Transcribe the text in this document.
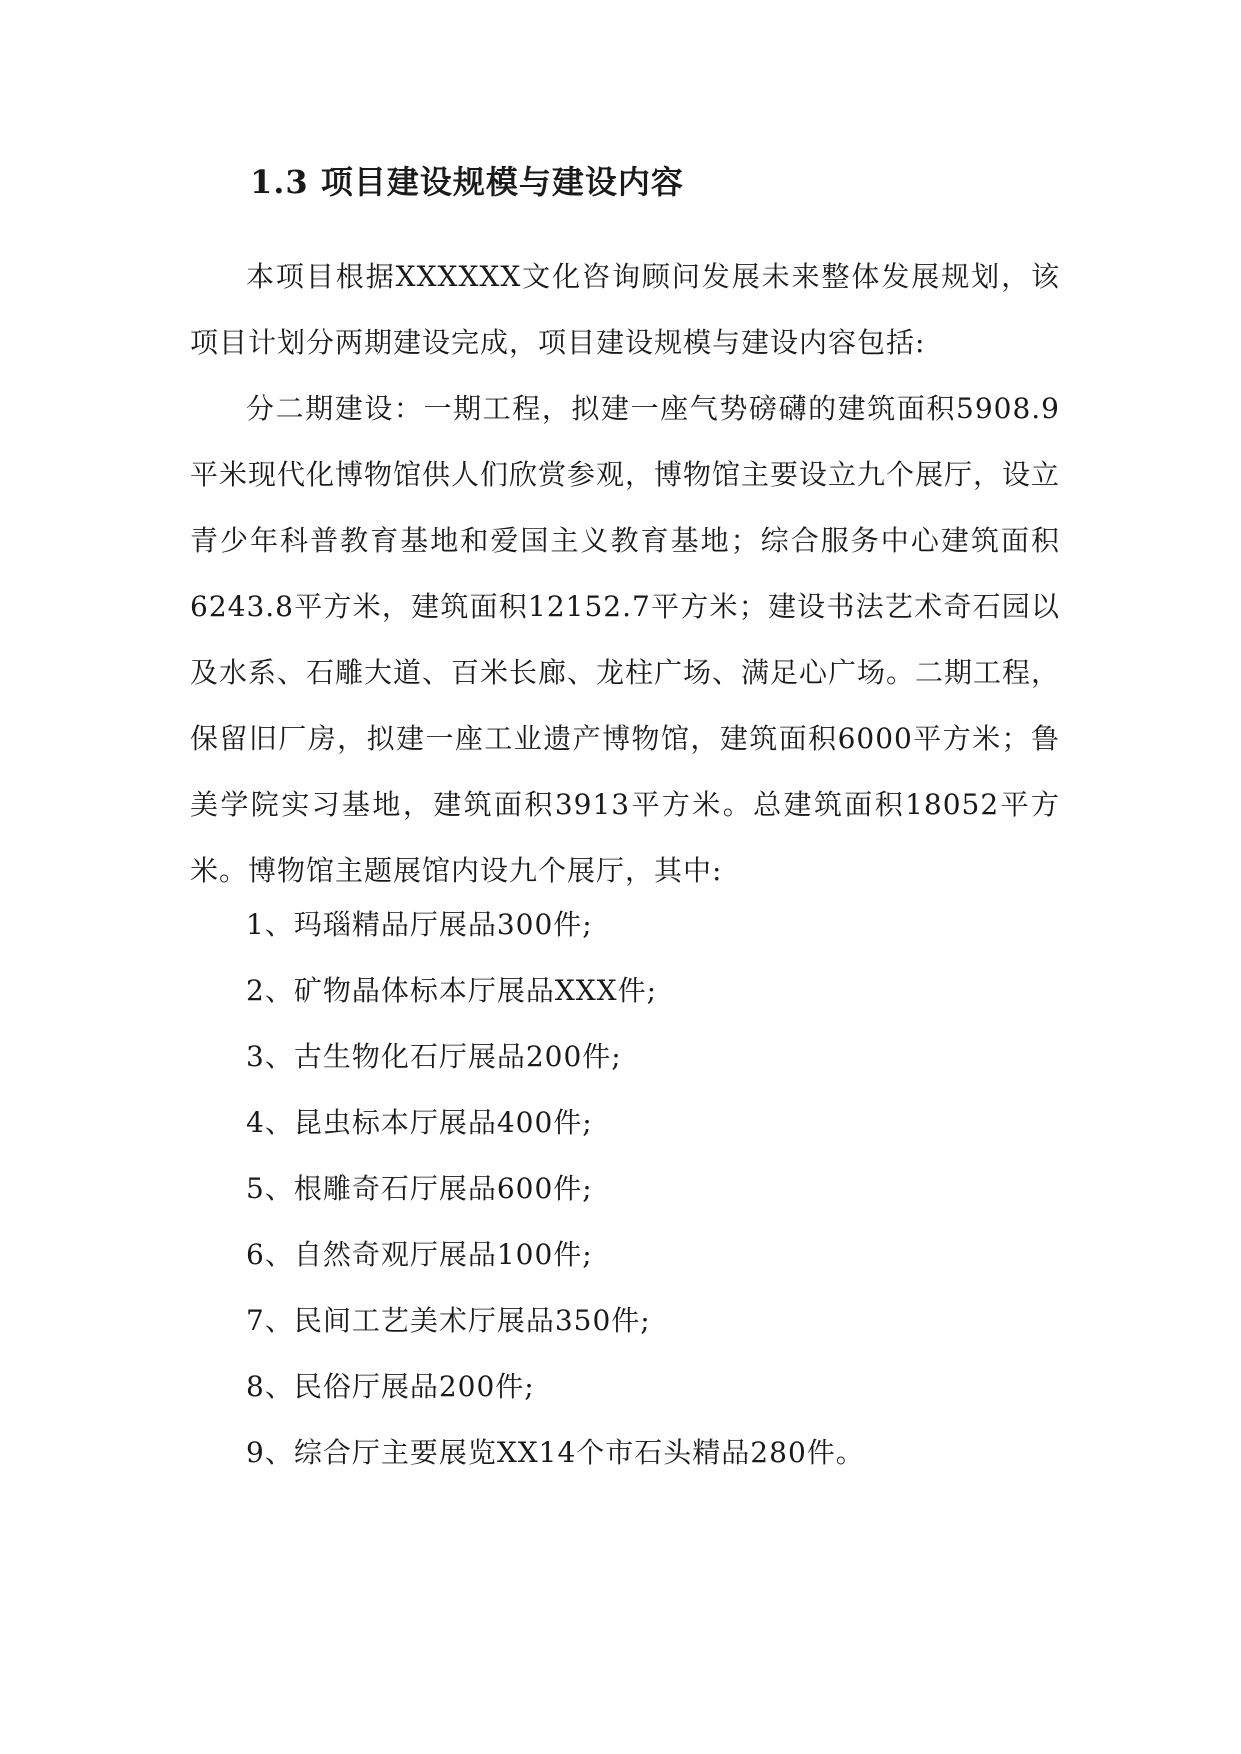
1.3 项目建设规模与建设内容

本项目根据XXXXXX文化咨询顾问发展未来整体发展规划，该项目计划分两期建设完成，项目建设规模与建设内容包括:

分二期建设：一期工程，拟建一座气势磅礴的建筑面积5908.9平米现代化博物馆供人们欣赏参观，博物馆主要设立九个展厅，设立青少年科普教育基地和爱国主义教育基地；综合服务中心建筑面积6243.8平方米，建筑面积12152.7平方米；建设书法艺术奇石园以及水系、石雕大道、百米长廊、龙柱广场、满足心广场。二期工程，保留旧厂房，拟建一座工业遗产博物馆，建筑面积6000平方米；鲁美学院实习基地，建筑面积3913平方米。总建筑面积18052平方米。博物馆主题展馆内设九个展厅，其中:

1、玛瑙精品厅展品300件;
2、矿物晶体标本厅展品XXX件;
3、古生物化石厅展品200件;
4、昆虫标本厅展品400件;
5、根雕奇石厅展品600件;
6、自然奇观厅展品100件;
7、民间工艺美术厅展品350件;
8、民俗厅展品200件;
9、综合厅主要展览XX14个市石头精品280件。
